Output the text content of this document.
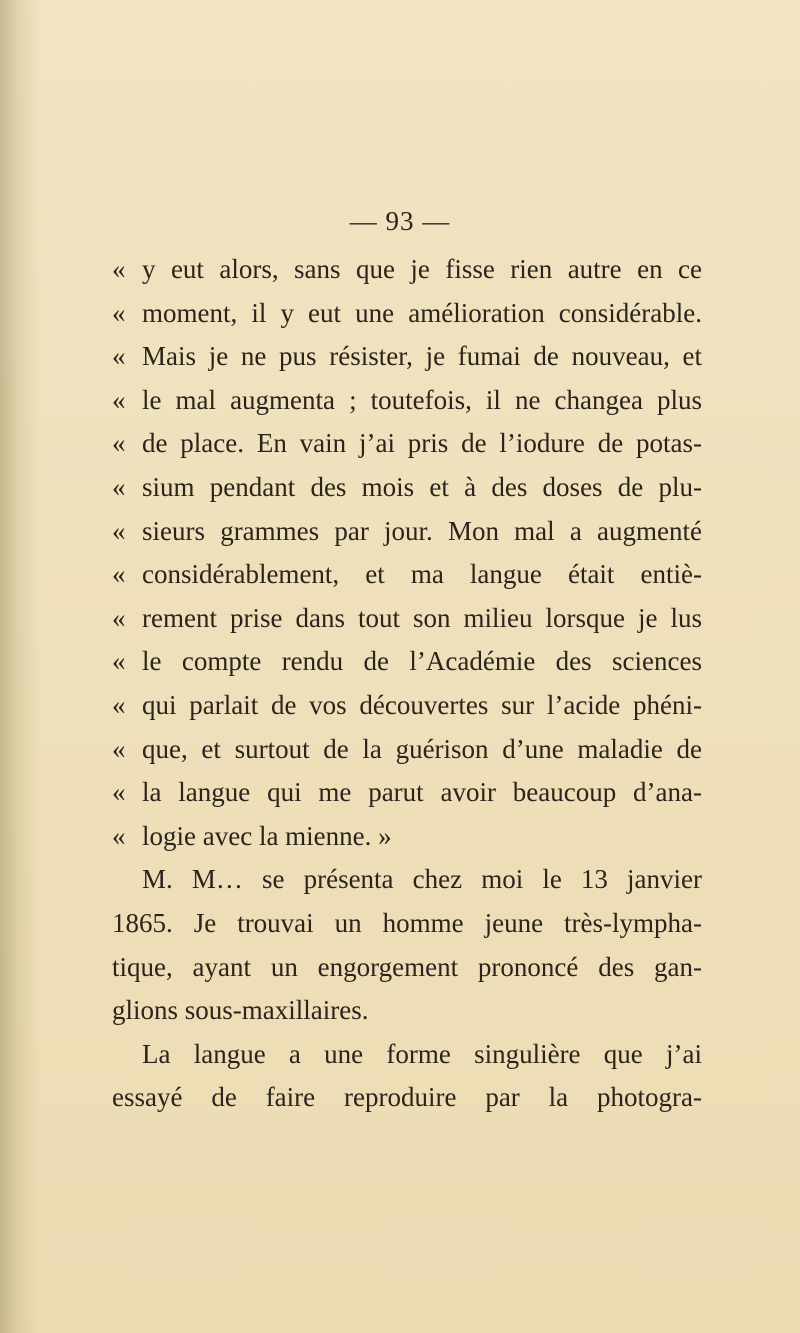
— 93 —
« y eut alors, sans que je fisse rien autre en ce
« moment, il y eut une amélioration considérable.
« Mais je ne pus résister, je fumai de nouveau, et
« le mal augmenta ; toutefois, il ne changea plus
« de place. En vain j’ai pris de l’iodure de potas-
« sium pendant des mois et à des doses de plu-
« sieurs grammes par jour. Mon mal a augmenté
« considérablement, et ma langue était entiè-
« rement prise dans tout son milieu lorsque je lus
« le compte rendu de l’Académie des sciences
« qui parlait de vos découvertes sur l’acide phéni-
« que, et surtout de la guérison d’une maladie de
« la langue qui me parut avoir beaucoup d’ana-
« logie avec la mienne. »
M. M… se présenta chez moi le 13 janvier
1865. Je trouvai un homme jeune très-lympha-
tique, ayant un engorgement prononcé des gan-
glions sous-maxillaires.
La langue a une forme singulière que j’ai
essayé de faire reproduire par la photogra-
